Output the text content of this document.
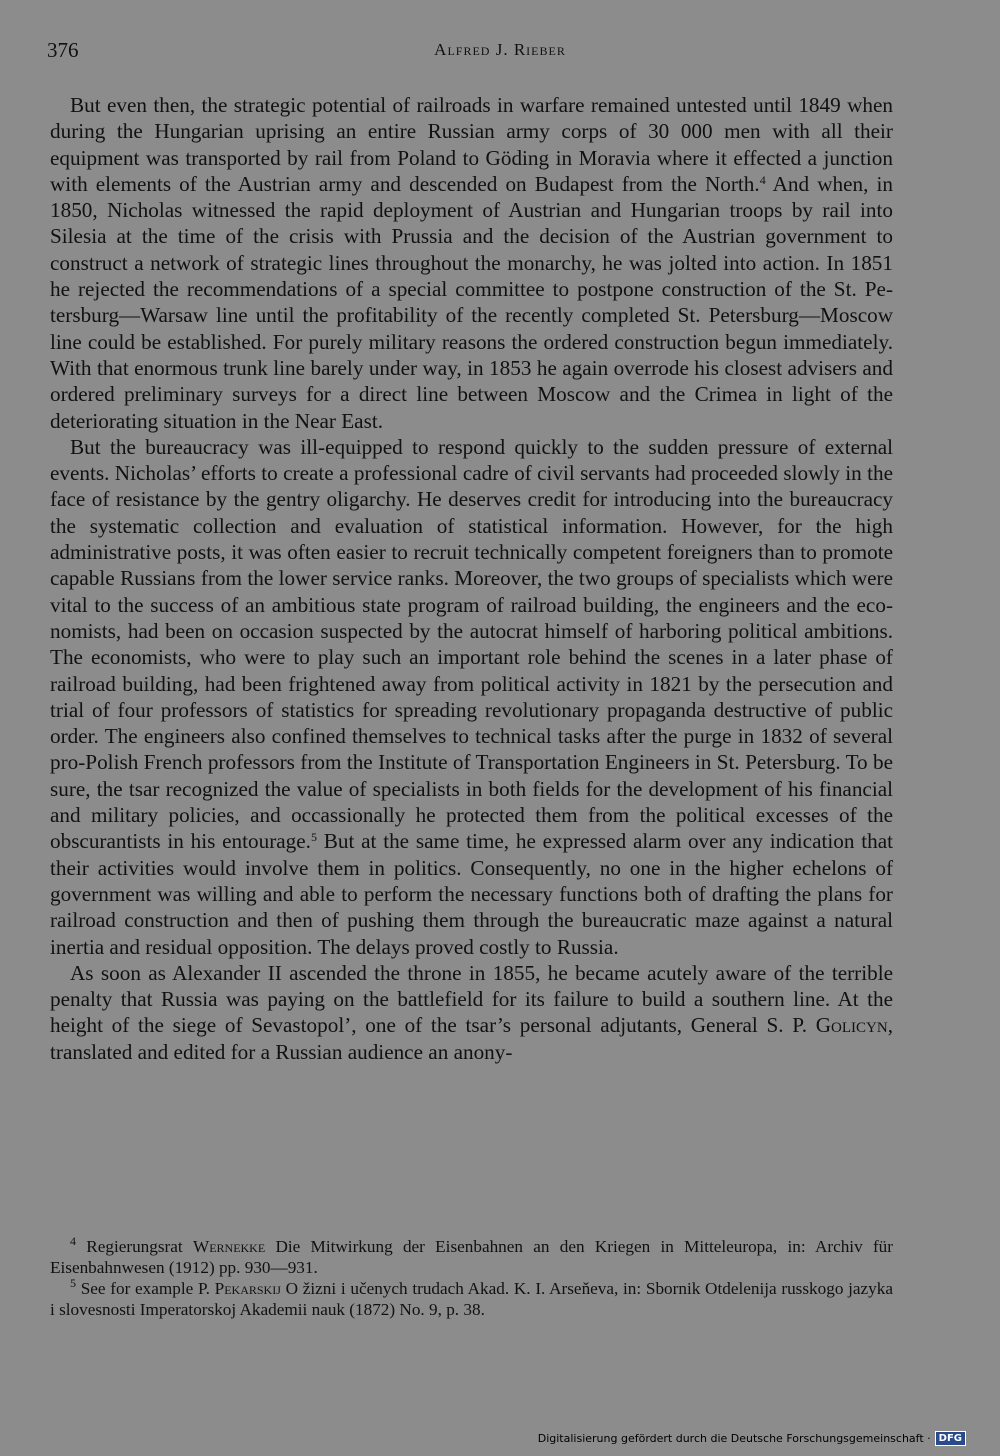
376	Alfred J. Rieber

But even then, the strategic potential of railroads in warfare remained untested until 1849 when during the Hungarian uprising an entire Russian army corps of 30 000 men with all their equipment was transported by rail from Poland to Göding in Moravia where it effected a junction with elements of the Austrian army and descended on Budapest from the North.$^4$ And when, in 1850, Nicholas witnessed the rapid deployment of Austrian and Hungarian troops by rail into Silesia at the time of the crisis with Prussia and the decision of the Austrian government to construct a network of strategic lines throughout the monarchy, he was jolted into action. In 1851 he rejected the recommendations of a special committee to postpone construction of the St. Petersburg—Warsaw line until the profitability of the recently completed St. Petersburg—Moscow line could be established. For purely military reasons the ordered construction begun immediately. With that enormous trunk line barely under way, in 1853 he again overrode his closest advisers and ordered preliminary surveys for a direct line between Moscow and the Crimea in light of the deteriorating situation in the Near East.

But the bureaucracy was ill-equipped to respond quickly to the sudden pressure of external events. Nicholas’ efforts to create a professional cadre of civil servants had proceeded slowly in the face of resistance by the gentry oligarchy. He deserves credit for introducing into the bureaucracy the systematic collection and evaluation of statistical information. However, for the high administrative posts, it was often easier to recruit technically competent foreigners than to promote capable Russians from the lower service ranks. Moreover, the two groups of specialists which were vital to the success of an ambitious state program of railroad building, the engineers and the economists, had been on occasion suspected by the autocrat himself of harboring political ambitions. The economists, who were to play such an important role behind the scenes in a later phase of railroad building, had been frightened away from political activity in 1821 by the persecution and trial of four professors of statistics for spreading revolutionary propaganda destructive of public order. The engineers also confined themselves to technical tasks after the purge in 1832 of several pro-Polish French professors from the Institute of Transportation Engineers in St. Petersburg. To be sure, the tsar recognized the value of specialists in both fields for the development of his financial and military policies, and occassionally he protected them from the political excesses of the obscurantists in his entourage.$^5$ But at the same time, he expressed alarm over any indication that their activities would involve them in politics. Consequently, no one in the higher echelons of government was willing and able to perform the necessary functions both of drafting the plans for railroad construction and then of pushing them through the bureaucratic maze against a natural inertia and residual opposition. The delays proved costly to Russia.

As soon as Alexander II ascended the throne in 1855, he became acutely aware of the terrible penalty that Russia was paying on the battlefield for its failure to build a southern line. At the height of the siege of Sevastopol’, one of the tsar’s personal adjutants, General S. P. Golicyn, translated and edited for a Russian audience an anony-

$^4$ Regierungsrat Wernekke Die Mitwirkung der Eisenbahnen an den Kriegen in Mitteleuropa, in: Archiv für Eisenbahnwesen (1912) pp. 930—931.

$^5$ See for example P. Pekarskij O žizni i učenych trudach Akad. K. I. Arseňeva, in: Sbornik Otdelenija russkogo jazyka i slovesnosti Imperatorskoj Akademii nauk (1872) No. 9, p. 38.

Digitalisierung gefördert durch die Deutsche Forschungsgemeinschaft · DFG
